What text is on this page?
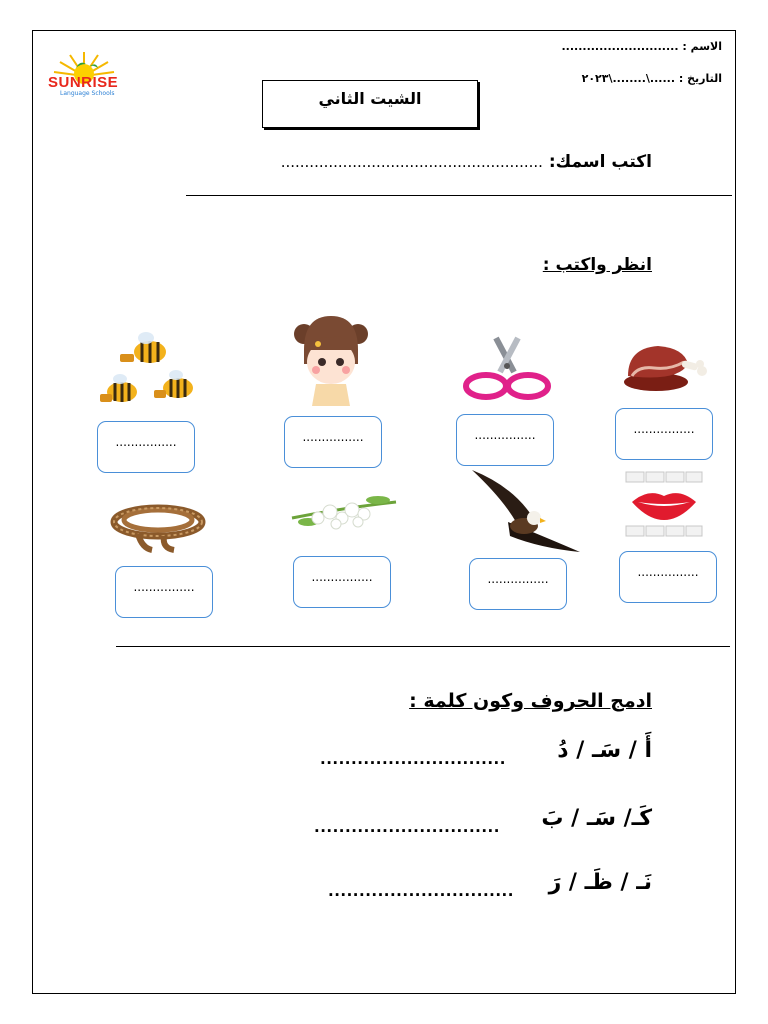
الاسم : ............................
التاريخ : ......\........\٢٠٢٣
SUNRISE
Language Schools	الشيت الثاني
اكتب اسمك: .......................................................
انظر واكتب :
................
................
................
................
................
................
................
................
ادمج الحروف وكون كلمة :
أَ / سَـ / دُ
..............................
كَـ/ سَـ / بَ
..............................
نَـ / ظَـ / رَ
..............................
